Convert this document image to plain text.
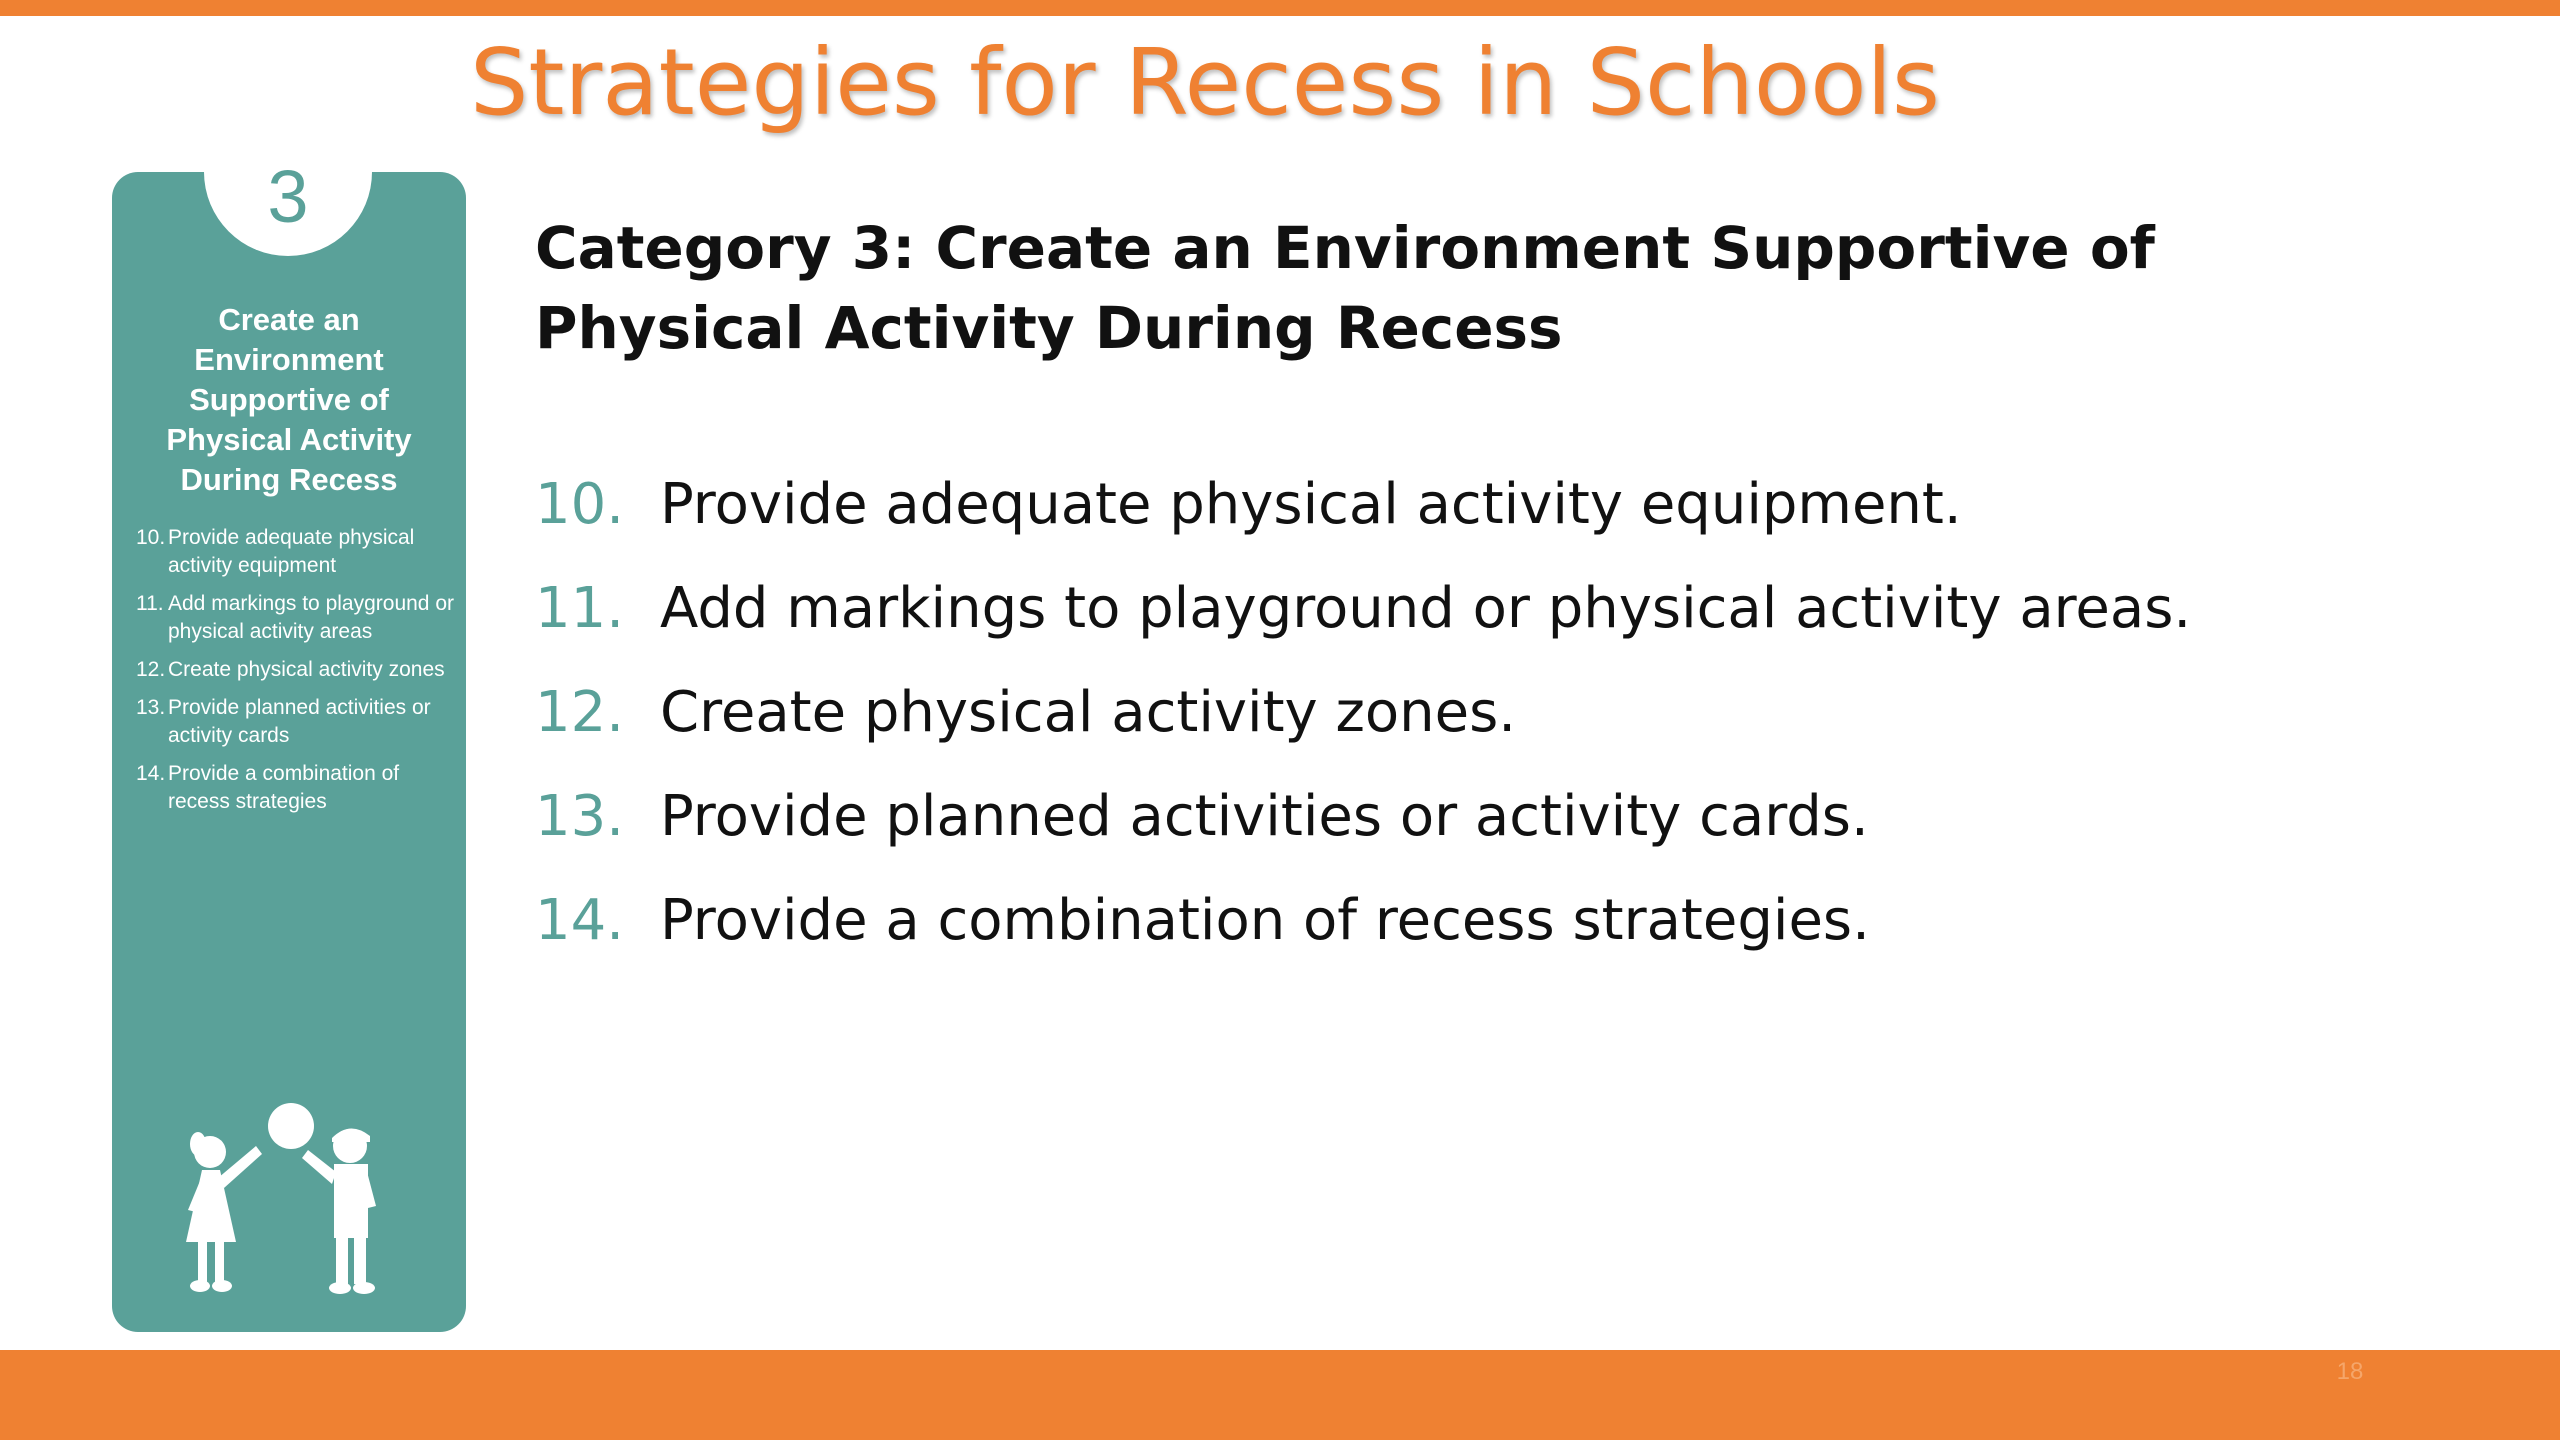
Strategies for Recess in Schools
3
Create an Environment Supportive of Physical Activity During Recess
10. Provide adequate physical activity equipment
11. Add markings to playground or physical activity areas
12. Create physical activity zones
13. Provide planned activities or activity cards
14. Provide a combination of recess strategies
Category 3: Create an Environment Supportive of Physical Activity During Recess
10. Provide adequate physical activity equipment.
11. Add markings to playground or physical activity areas.
12. Create physical activity zones.
13. Provide planned activities or activity cards.
14. Provide a combination of recess strategies.
18
